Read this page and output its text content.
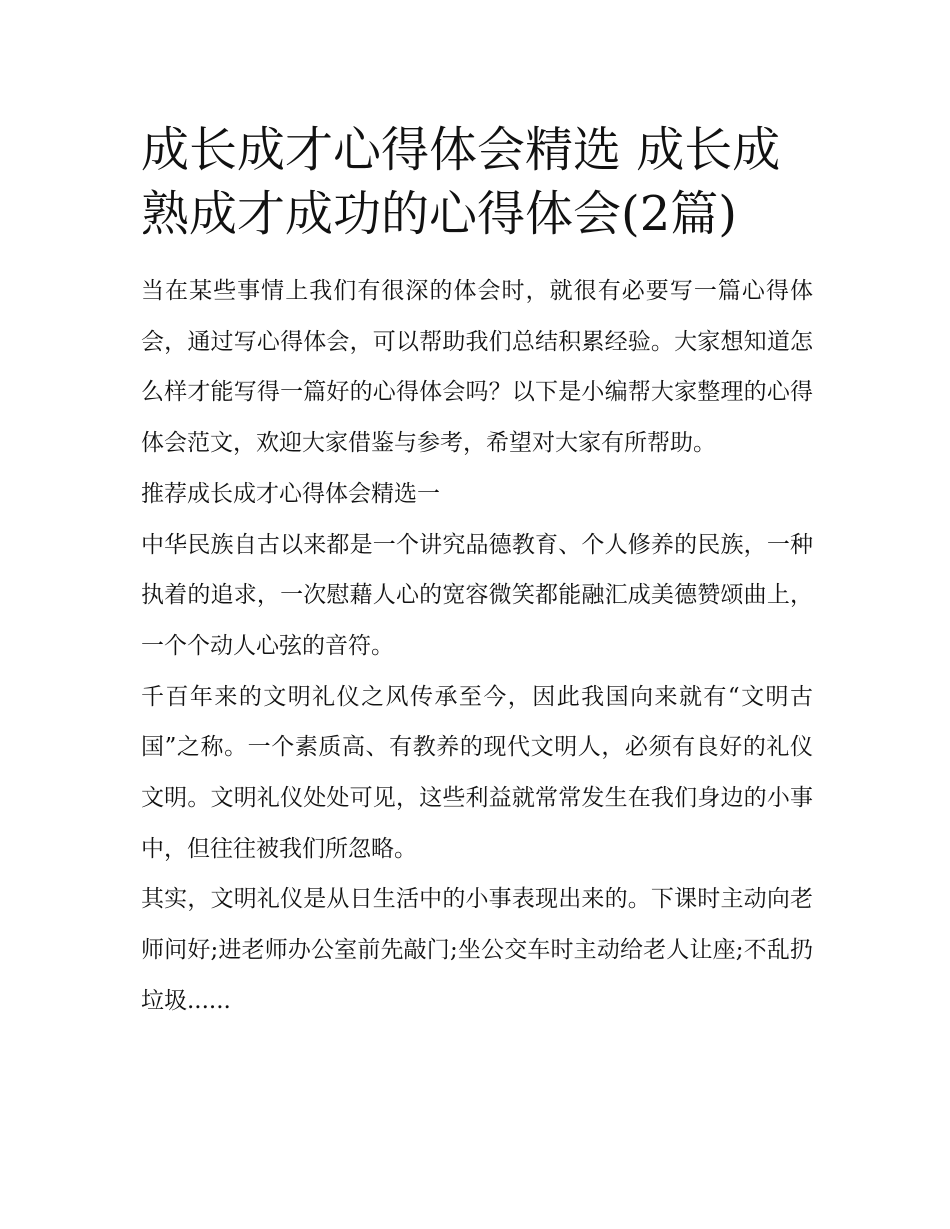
成长成才心得体会精选 成长成熟成才成功的心得体会(2篇)

当在某些事情上我们有很深的体会时，就很有必要写一篇心得体会，通过写心得体会，可以帮助我们总结积累经验。大家想知道怎么样才能写得一篇好的心得体会吗？以下是小编帮大家整理的心得体会范文，欢迎大家借鉴与参考，希望对大家有所帮助。

推荐成长成才心得体会精选一

中华民族自古以来都是一个讲究品德教育、个人修养的民族，一种执着的追求，一次慰藉人心的宽容微笑都能融汇成美德赞颂曲上，一个个动人心弦的音符。

千百年来的文明礼仪之风传承至今，因此我国向来就有“文明古国”之称。一个素质高、有教养的现代文明人，必须有良好的礼仪文明。文明礼仪处处可见，这些利益就常常发生在我们身边的小事中，但往往被我们所忽略。

其实，文明礼仪是从日生活中的小事表现出来的。下课时主动向老师问好;进老师办公室前先敲门;坐公交车时主动给老人让座;不乱扔垃圾......
